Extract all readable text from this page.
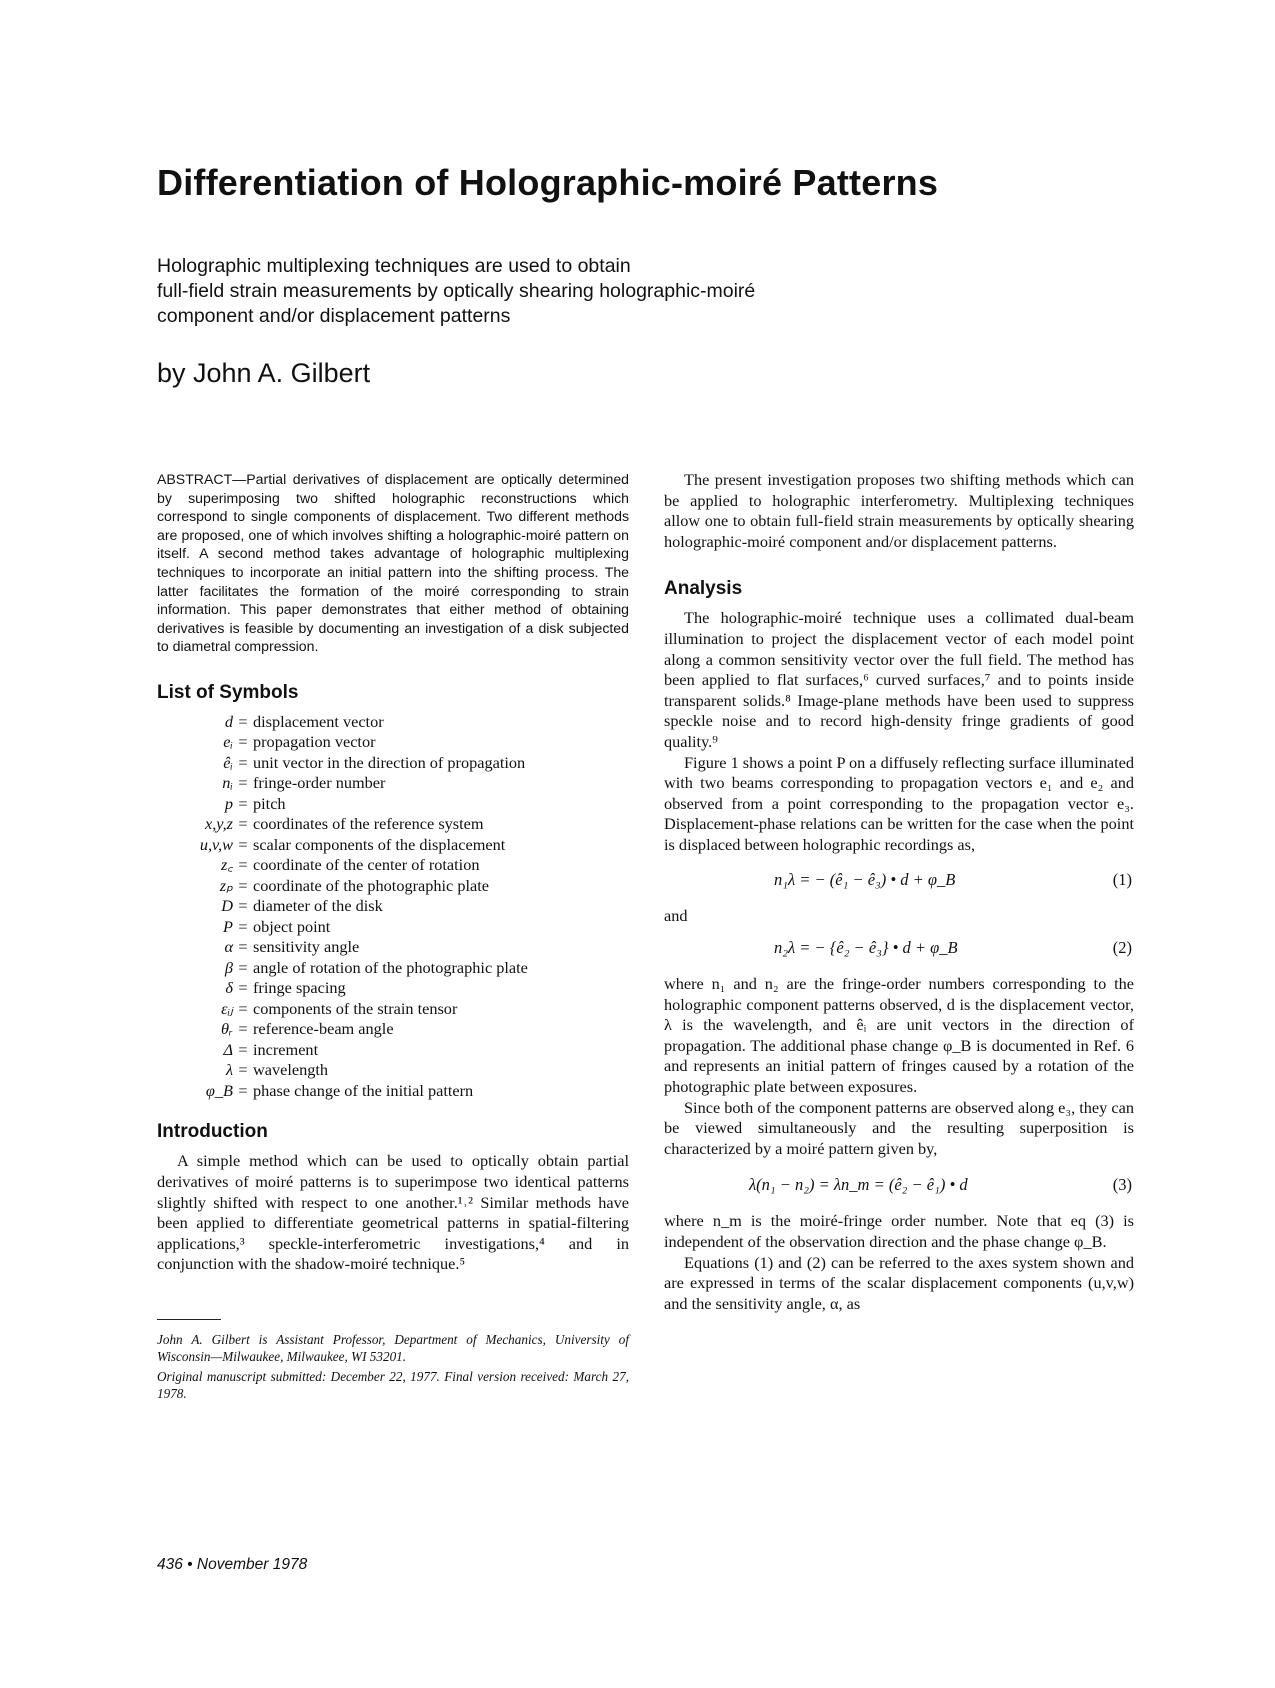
Differentiation of Holographic-moiré Patterns
Holographic multiplexing techniques are used to obtain
full-field strain measurements by optically shearing holographic-moiré
component and/or displacement patterns
by John A. Gilbert

ABSTRACT—Partial derivatives of displacement are optically determined by superimposing two shifted holographic reconstructions which correspond to single components of displacement. Two different methods are proposed, one of which involves shifting a holographic-moiré pattern on itself. A second method takes advantage of holographic multiplexing techniques to incorporate an initial pattern into the shifting process. The latter facilitates the formation of the moiré corresponding to strain information. This paper demonstrates that either method of obtaining derivatives is feasible by documenting an investigation of a disk subjected to diametral compression.

List of Symbols
d = displacement vector
eᵢ = propagation vector
êᵢ = unit vector in the direction of propagation
nᵢ = fringe-order number
p = pitch
x,y,z = coordinates of the reference system
u,v,w = scalar components of the displacement
z꜀ = coordinate of the center of rotation
zₚ = coordinate of the photographic plate
D = diameter of the disk
P = object point
α = sensitivity angle
β = angle of rotation of the photographic plate
δ = fringe spacing
εᵢⱼ = components of the strain tensor
θᵣ = reference-beam angle
Δ = increment
λ = wavelength
φ_B = phase change of the initial pattern
Introduction

A simple method which can be used to optically obtain partial derivatives of moiré patterns is to superimpose two identical patterns slightly shifted with respect to one another.¹˒² Similar methods have been applied to differentiate geometrical patterns in spatial-filtering applications,³ speckle-interferometric investigations,⁴ and in conjunction with the shadow-moiré technique.⁵

John A. Gilbert is Assistant Professor, Department of Mechanics, University of Wisconsin—Milwaukee, Milwaukee, WI 53201.

Original manuscript submitted: December 22, 1977. Final version received: March 27, 1978.

The present investigation proposes two shifting methods which can be applied to holographic interferometry. Multiplexing techniques allow one to obtain full-field strain measurements by optically shearing holographic-moiré component and/or displacement patterns.

Analysis

The holographic-moiré technique uses a collimated dual-beam illumination to project the displacement vector of each model point along a common sensitivity vector over the full field. The method has been applied to flat surfaces,⁶ curved surfaces,⁷ and to points inside transparent solids.⁸ Image-plane methods have been used to suppress speckle noise and to record high-density fringe gradients of good quality.⁹

Figure 1 shows a point P on a diffusely reflecting surface illuminated with two beams corresponding to propagation vectors e₁ and e₂ and observed from a point corresponding to the propagation vector e₃. Displacement-phase relations can be written for the case when the point is displaced between holographic recordings as,

n₁λ = − (ê₁ − ê₃) • d + φ_B	(1)

and

n₂λ = − {ê₂ − ê₃} • d + φ_B	(2)

where n₁ and n₂ are the fringe-order numbers corresponding to the holographic component patterns observed, d is the displacement vector, λ is the wavelength, and êᵢ are unit vectors in the direction of propagation. The additional phase change φ_B is documented in Ref. 6 and represents an initial pattern of fringes caused by a rotation of the photographic plate between exposures.

Since both of the component patterns are observed along e₃, they can be viewed simultaneously and the resulting superposition is characterized by a moiré pattern given by,

λ(n₁ − n₂) = λn_m = (ê₂ − ê₁) • d	(3)

where n_m is the moiré-fringe order number. Note that eq (3) is independent of the observation direction and the phase change φ_B.

Equations (1) and (2) can be referred to the axes system shown and are expressed in terms of the scalar displacement components (u,v,w) and the sensitivity angle, α, as

436 • November 1978
